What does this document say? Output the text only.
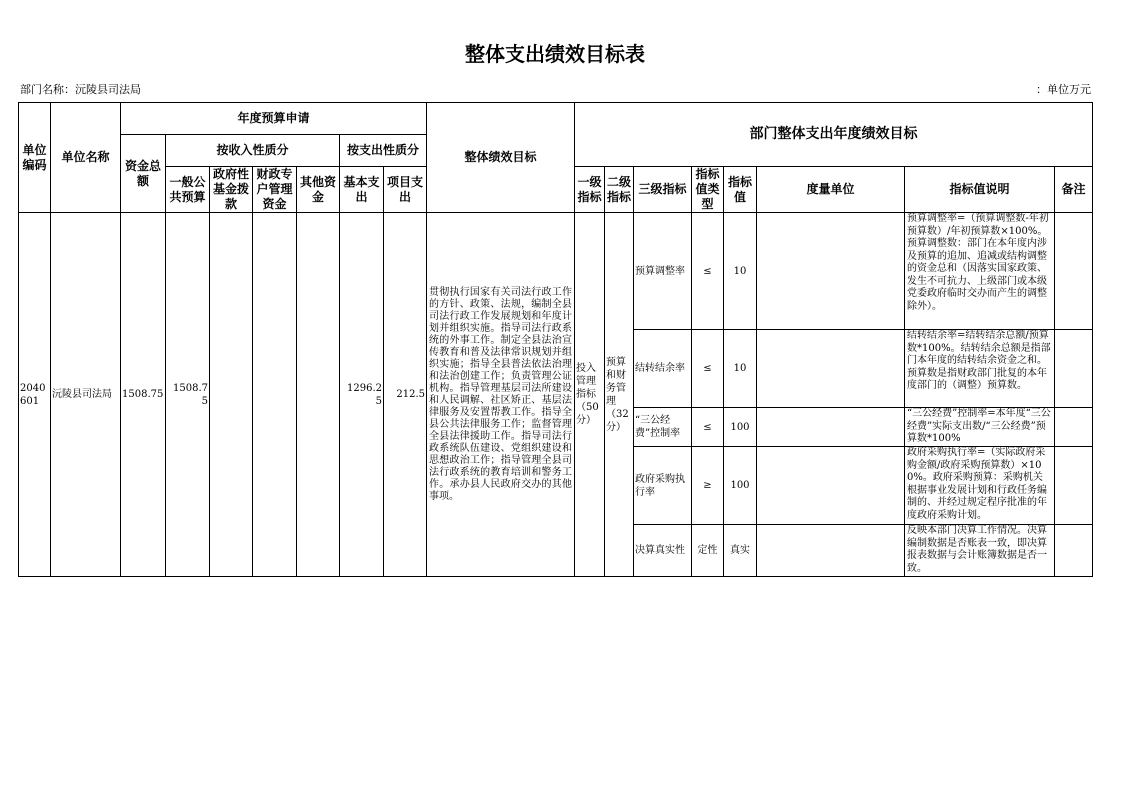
整体支出绩效目标表
部门名称：沅陵县司法局	单位：万元
单位编码	单位名称	年度预算申请							整体绩效目标	部门整体支出年度绩效目标							
		资金总额	按收入性质分				按支出性质分										
			一般公共预算	政府性基金拨款	财政专户管理资金	其他资金	基本支出	项目支出		一级指标	二级指标	三级指标	指标值类型	指标值	度量单位	指标值说明	备注
2040601	沅陵县司法局	1508.75	1508.75				1296.25	212.5	贯彻执行国家有关司法行政工作的方针、政策、法规，编制全县司法行政工作发展规划和年度计划并组织实施。指导司法行政系统的外事工作。制定全县法治宣传教育和普及法律常识规划并组织实施；指导全县普法依法治理和法治创建工作；负责管理公证机构。指导管理基层司法所建设和人民调解、社区矫正、基层法律服务及安置帮教工作。指导全县公共法律服务工作；监督管理全县法律援助工作。指导司法行政系统队伍建设、党组织建设和思想政治工作；指导管理全县司法行政系统的教育培训和警务工作。承办县人民政府交办的其他事项。	投入管理指标（50分）	预算和财务管理（32分）	预算调整率	≤	10		预算调整率=（预算调整数-年初预算数）/年初预算数×100%。预算调整数：部门在本年度内涉及预算的追加、追减或结构调整的资金总和（因落实国家政策、发生不可抗力、上级部门或本级党委政府临时交办而产生的调整除外）。	
												结转结余率	≤	10		结转结余率=结转结余总额/预算数*100%。结转结余总额是指部门本年度的结转结余资金之和。预算数是指财政部门批复的本年度部门的（调整）预算数。	
												“三公经费”控制率	≤	100		“三公经费”控制率=本年度“三公经费”实际支出数/“三公经费”预算数*100%	
												政府采购执行率	≥	100		政府采购执行率=（实际政府采购金额/政府采购预算数）×100%。政府采购预算：采购机关根据事业发展计划和行政任务编制的、并经过规定程序批准的年度政府采购计划。	
												决算真实性	定性	真实		反映本部门决算工作情况。决算编制数据是否账表一致，即决算报表数据与会计账簿数据是否一致。	
